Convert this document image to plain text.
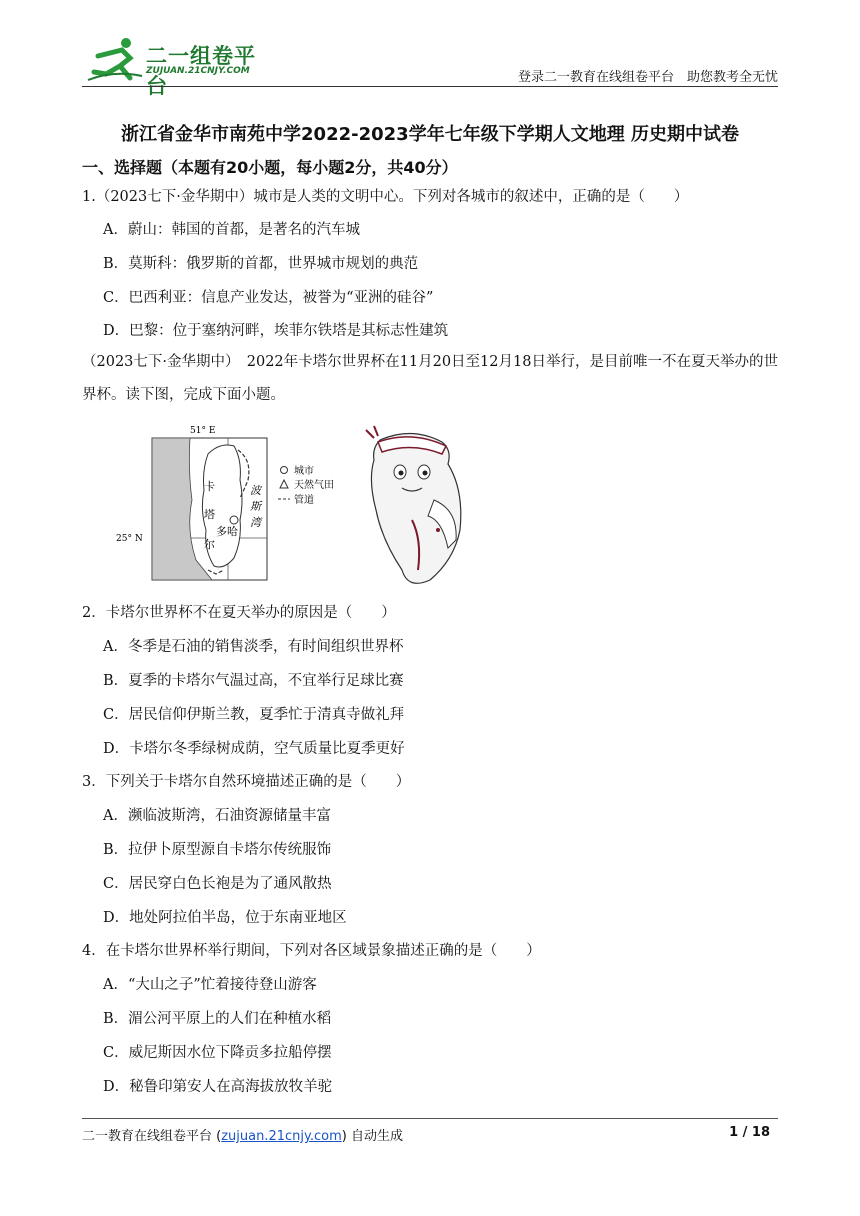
二一组卷平台
ZUJUAN.21CNJY.COM	登录二一教育在线组卷平台　助您教考全无忧
浙江省金华市南苑中学2022-2023学年七年级下学期人文地理 历史期中试卷
一、选择题（本题有20小题，每小题2分，共40分）
1.（2023七下·金华期中）城市是人类的文明中心。下列对各城市的叙述中，正确的是（　　）
A．蔚山：韩国的首都，是著名的汽车城
B．莫斯科：俄罗斯的首都，世界城市规划的典范
C．巴西利亚：信息产业发达，被誉为“亚洲的硅谷”
D．巴黎：位于塞纳河畔，埃菲尔铁塔是其标志性建筑
（2023七下·金华期中）　2022年卡塔尔世界杯在11月20日至12月18日举行，是目前唯一不在夏天举办的世界杯。读下图，完成下面小题。
51° E
25° N
卡
塔
尔
多哈
波
斯
湾
城市
天然气田
管道
2．卡塔尔世界杯不在夏天举办的原因是（　　）
A．冬季是石油的销售淡季，有时间组织世界杯
B．夏季的卡塔尔气温过高，不宜举行足球比赛
C．居民信仰伊斯兰教，夏季忙于清真寺做礼拜
D．卡塔尔冬季绿树成荫，空气质量比夏季更好
3．下列关于卡塔尔自然环境描述正确的是（　　）
A．濒临波斯湾，石油资源储量丰富
B．拉伊卜原型源自卡塔尔传统服饰
C．居民穿白色长袍是为了通风散热
D．地处阿拉伯半岛，位于东南亚地区
4．在卡塔尔世界杯举行期间，下列对各区域景象描述正确的是（　　）
A．“大山之子”忙着接待登山游客
B．湄公河平原上的人们在种植水稻
C．威尼斯因水位下降贡多拉船停摆
D．秘鲁印第安人在高海拔放牧羊驼
二一教育在线组卷平台 (zujuan.21cnjy.com) 自动生成	1 / 18
